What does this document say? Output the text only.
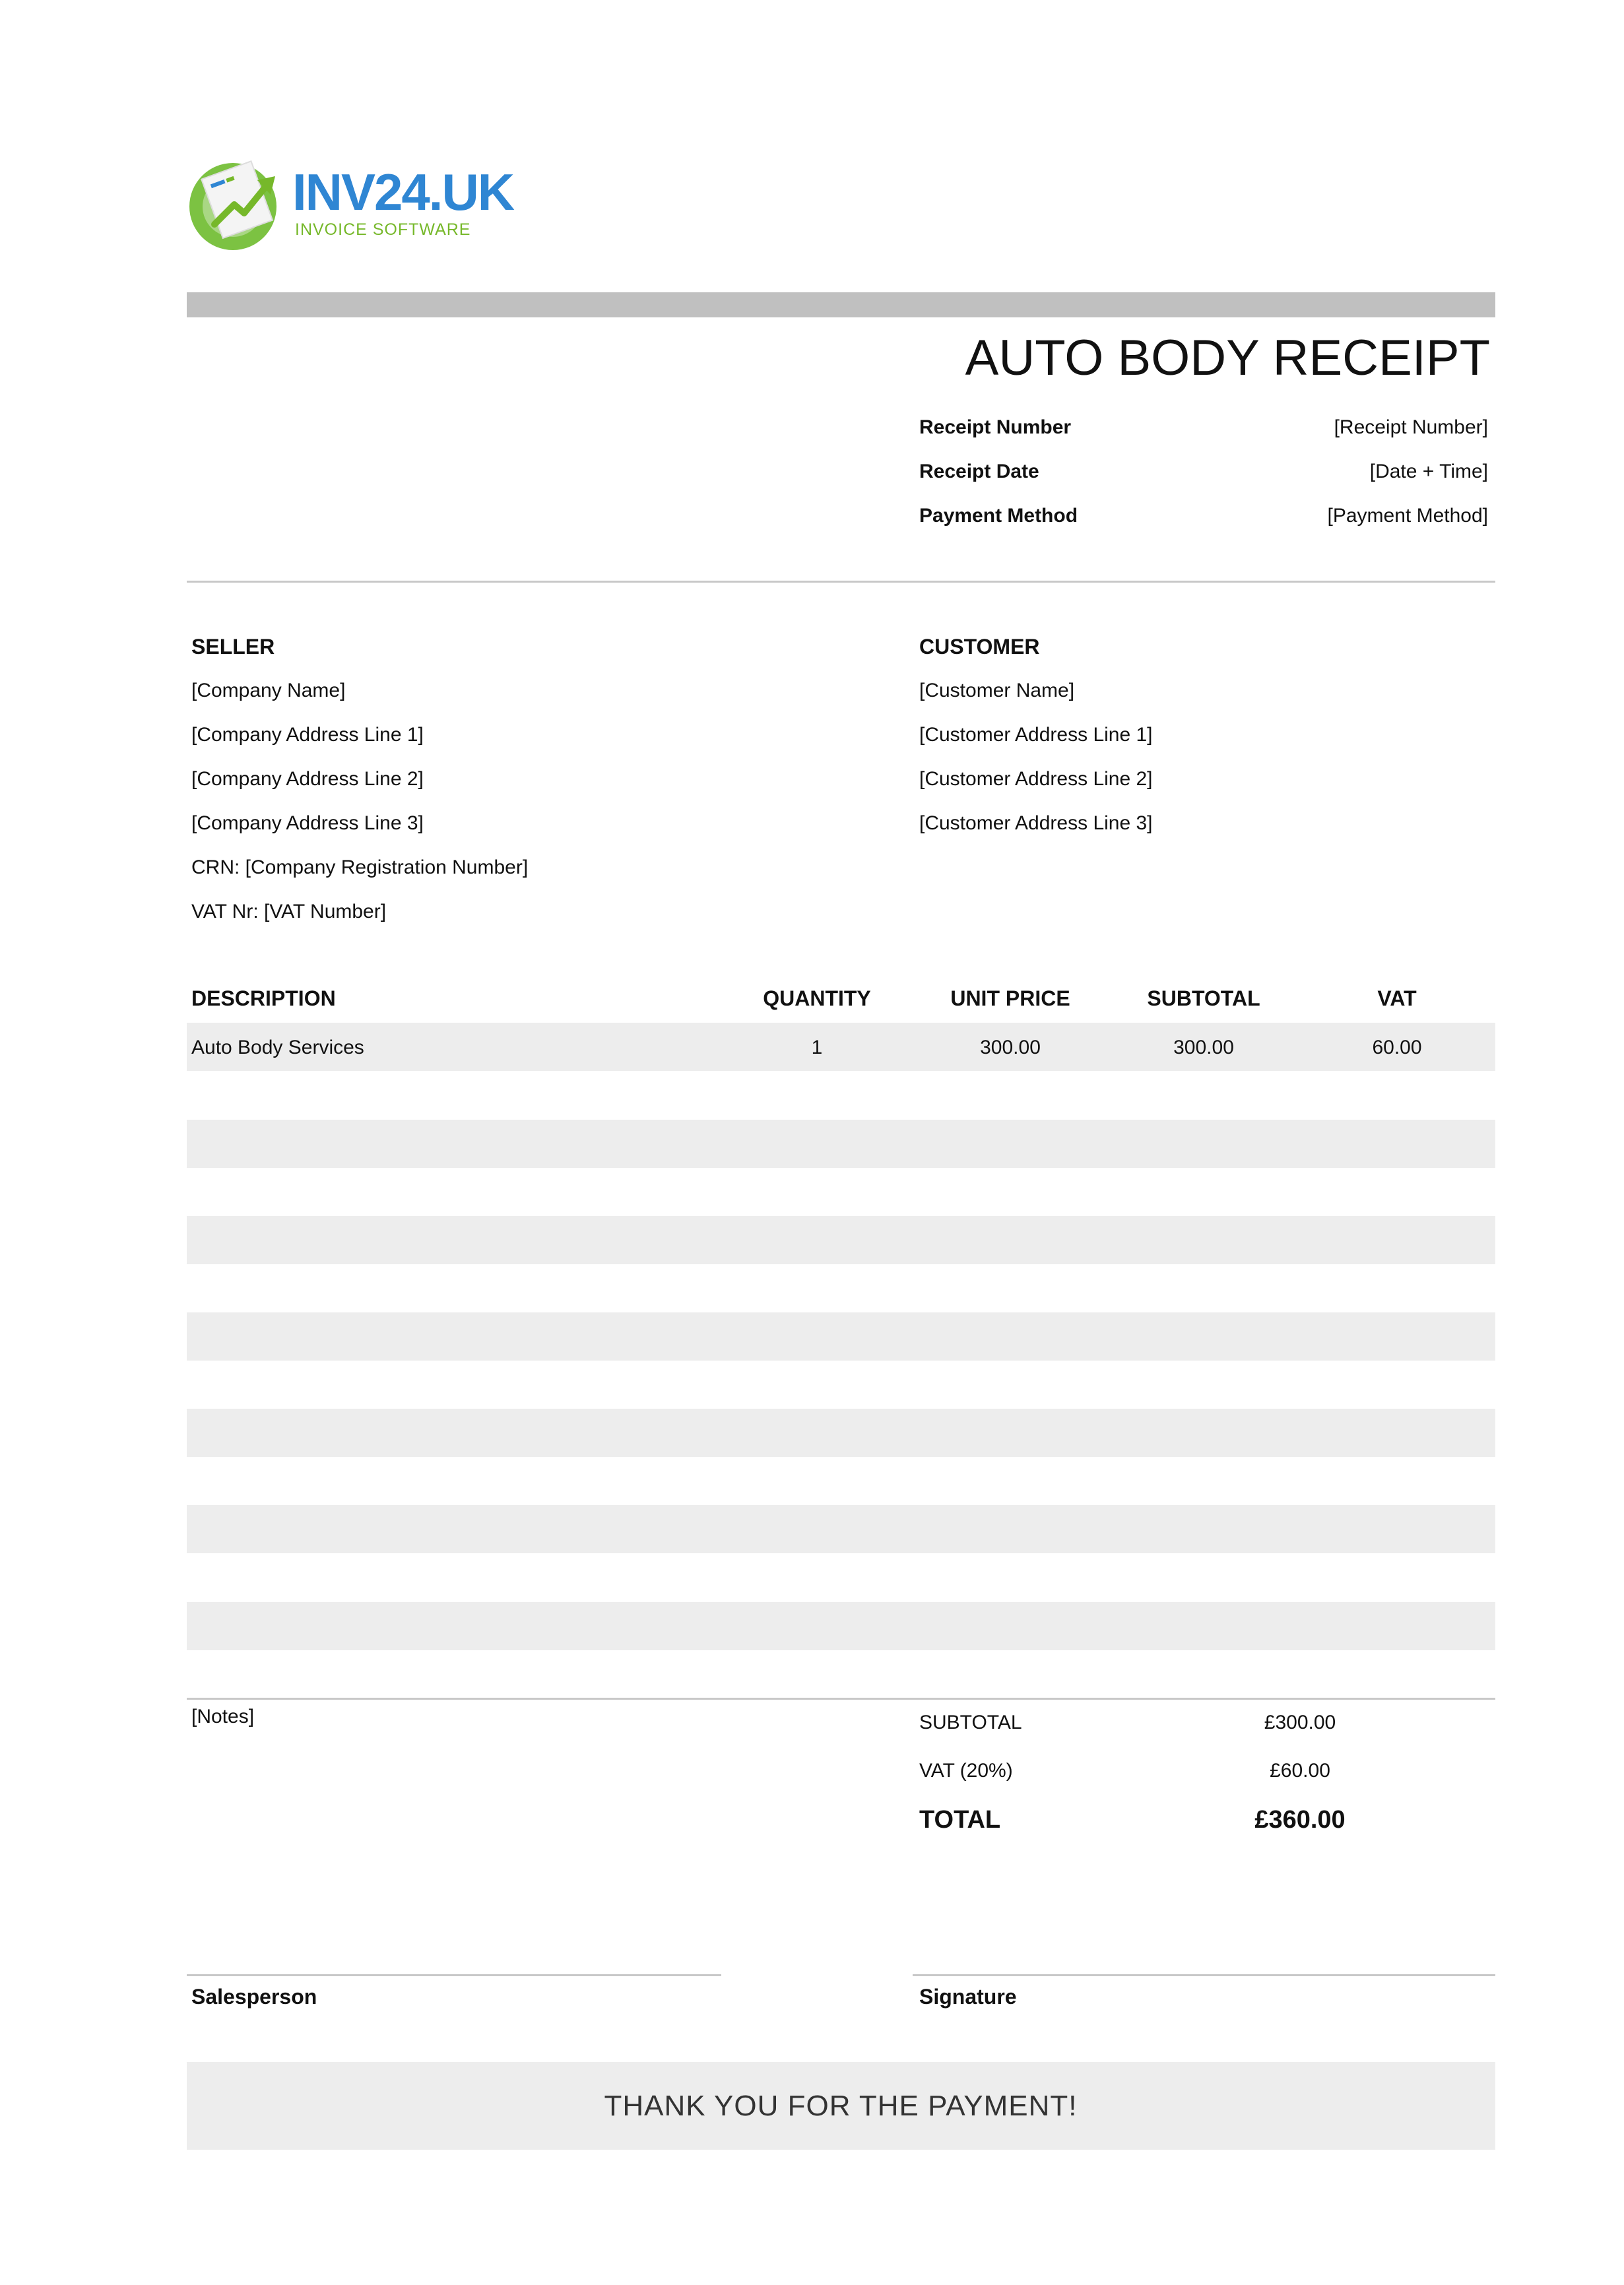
INV24.UK
INVOICE SOFTWARE
AUTO BODY RECEIPT
Receipt Number	[Receipt Number]
Receipt Date	[Date + Time]
Payment Method	[Payment Method]
SELLER
[Company Name]
[Company Address Line 1]
[Company Address Line 2]
[Company Address Line 3]
CRN: [Company Registration Number]
VAT Nr: [VAT Number]
CUSTOMER
[Customer Name]
[Customer Address Line 1]
[Customer Address Line 2]
[Customer Address Line 3]
DESCRIPTION	QUANTITY	UNIT PRICE	SUBTOTAL	VAT
Auto Body Services	1	300.00	300.00	60.00
[Notes]	SUBTOTAL	£300.00
VAT (20%)	£60.00
TOTAL	£360.00
Salesperson	Signature
THANK YOU FOR THE PAYMENT!
